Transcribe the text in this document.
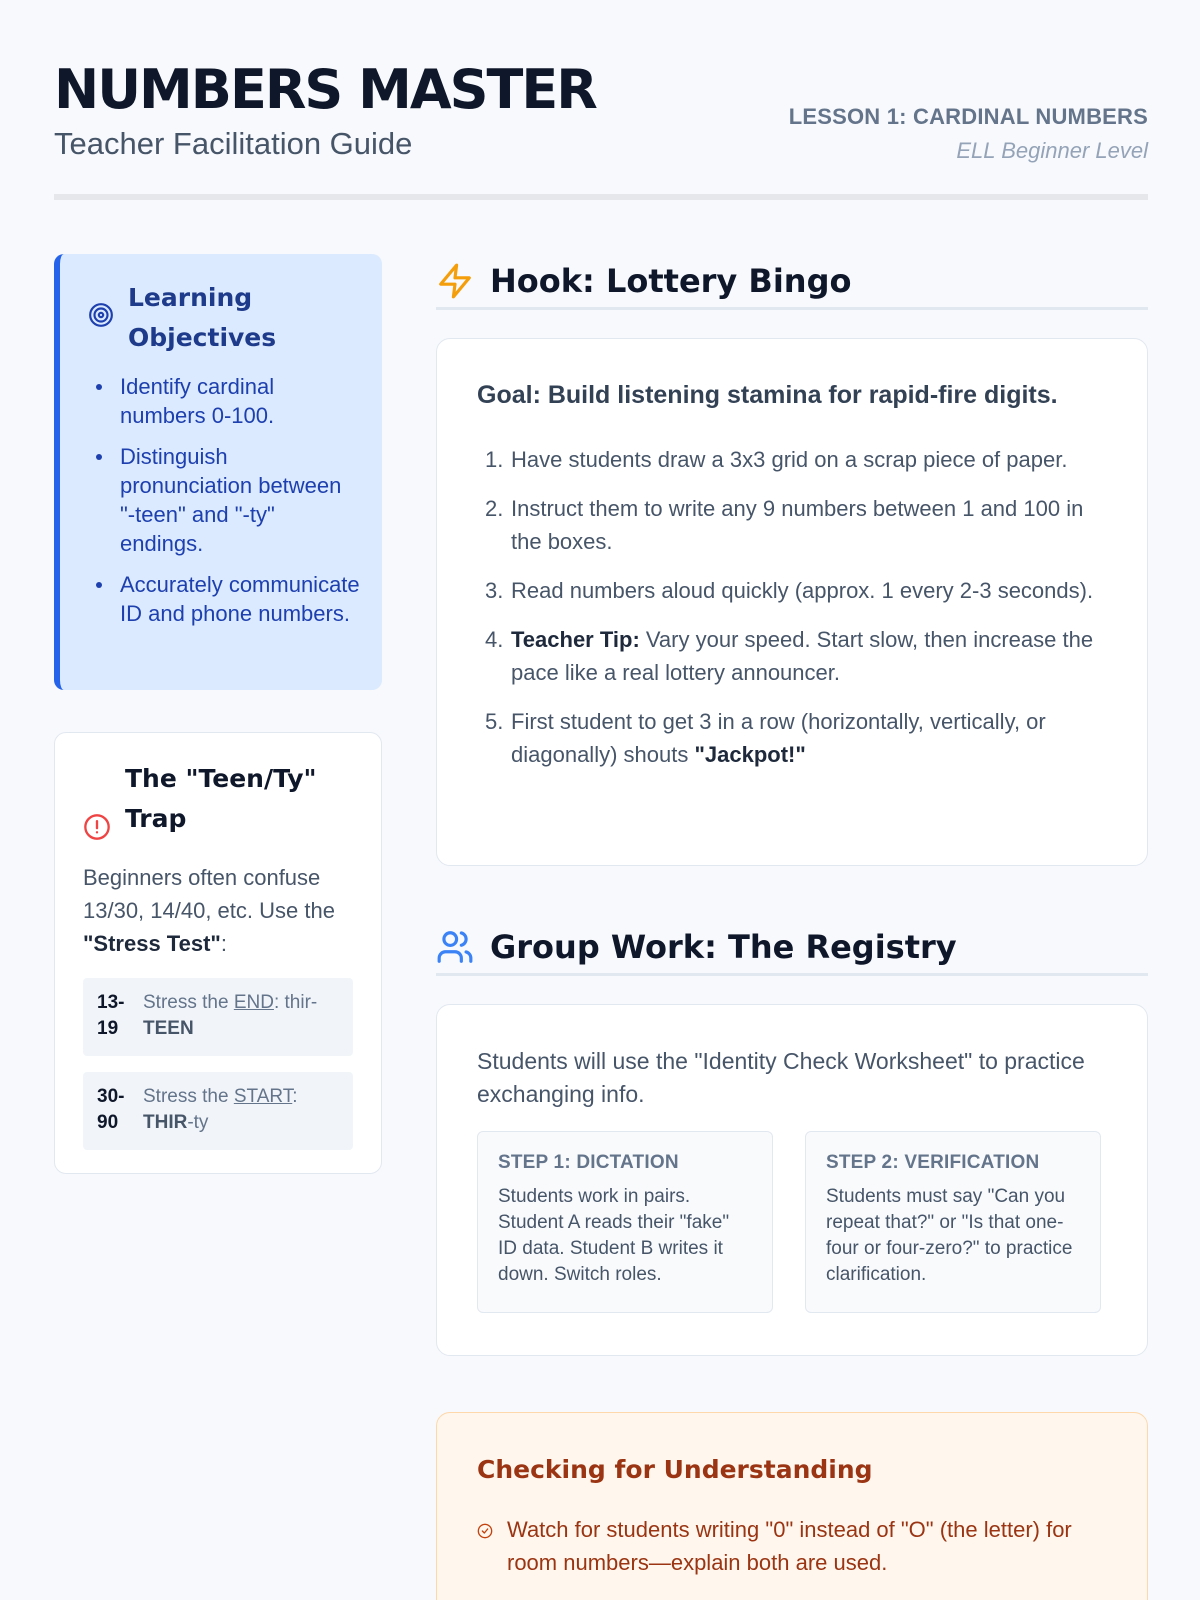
NUMBERS MASTER
Teacher Facilitation Guide
LESSON 1: CARDINAL NUMBERS
ELL Beginner Level
Learning Objectives
Identify cardinal numbers 0-100.
Distinguish pronunciation between "-teen" and "-ty" endings.
Accurately communicate ID and phone numbers.
The "Teen/Ty" Trap

Beginners often confuse 13/30, 14/40, etc. Use the "Stress Test":

13-19
Stress the END: thir-TEEN
30-90
Stress the START: THIR-ty
Hook: Lottery Bingo
Goal: Build listening stamina for rapid-fire digits.
1. Have students draw a 3x3 grid on a scrap piece of paper.
2. Instruct them to write any 9 numbers between 1 and 100 in the boxes.
3. Read numbers aloud quickly (approx. 1 every 2-3 seconds).
4. Teacher Tip: Vary your speed. Start slow, then increase the pace like a real lottery announcer.
5. First student to get 3 in a row (horizontally, vertically, or diagonally) shouts "Jackpot!"
Group Work: The Registry
Students will use the "Identity Check Worksheet" to practice exchanging info.
STEP 1: DICTATION
Students work in pairs. Student A reads their "fake" ID data. Student B writes it down. Switch roles.
STEP 2: VERIFICATION
Students must say "Can you repeat that?" or "Is that one-four or four-zero?" to practice clarification.
Checking for Understanding
Watch for students writing "0" instead of "O" (the letter) for room numbers—explain both are used.
